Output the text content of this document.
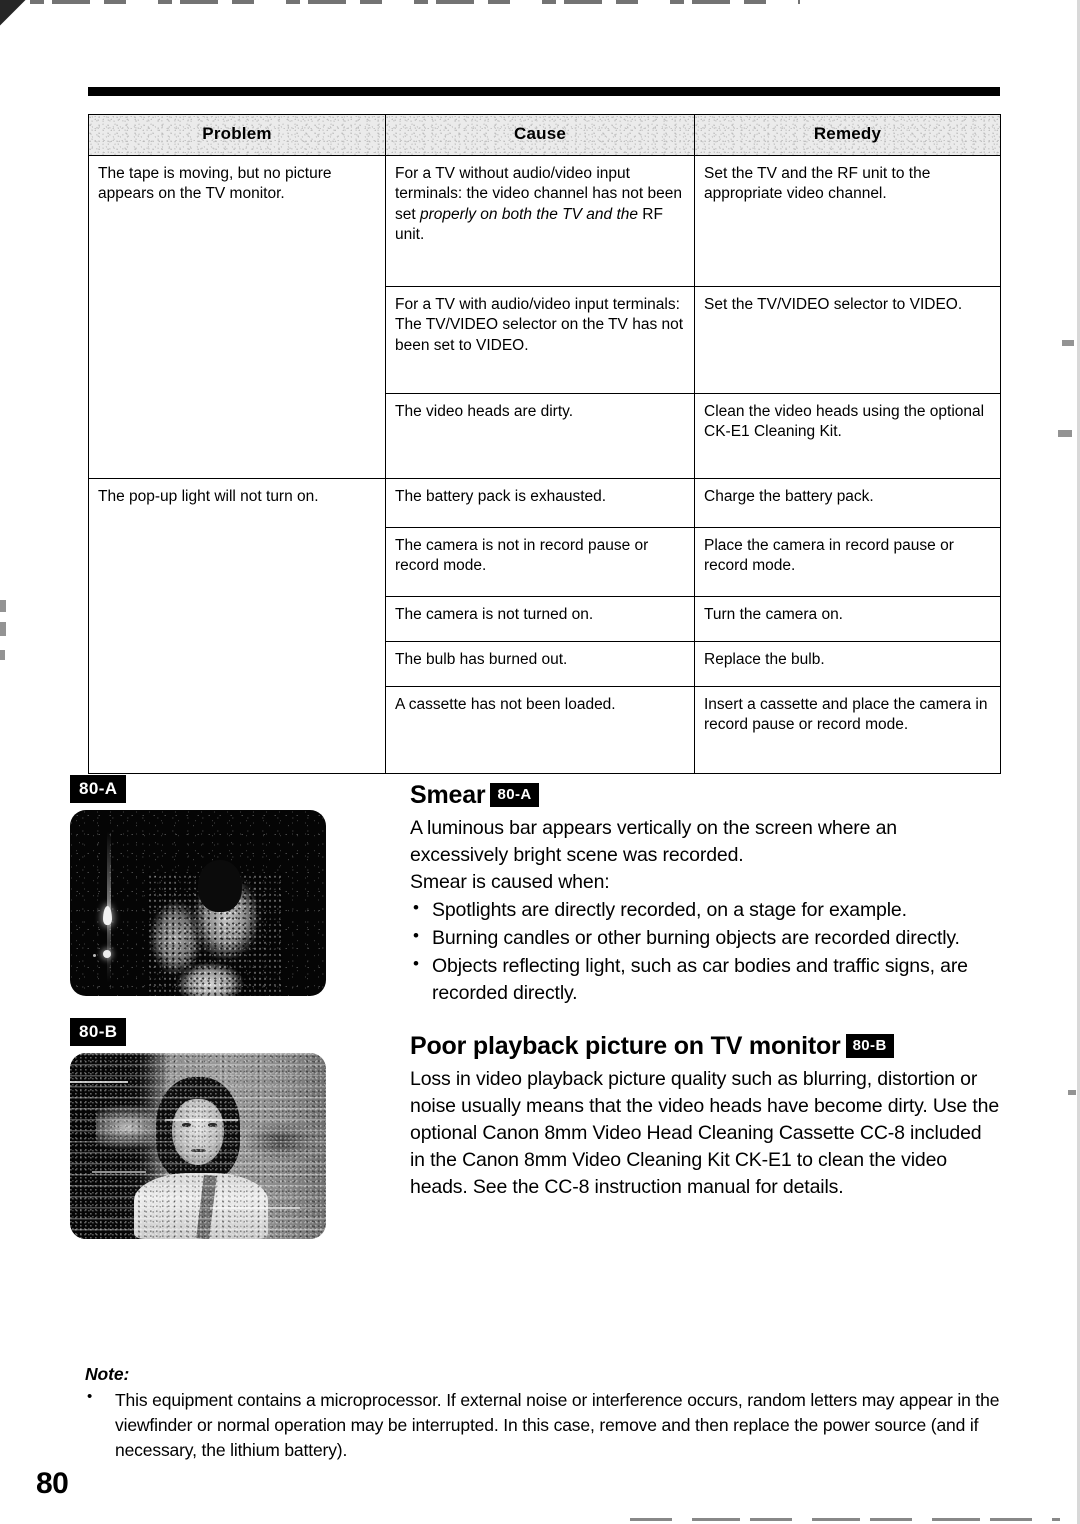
Problem	Cause	Remedy
The tape is moving, but no picture appears on the TV monitor.	For a TV without audio/video input terminals: the video channel has not been set properly on both the TV and the RF unit.	Set the TV and the RF unit to the appropriate video channel.
	For a TV with audio/video input terminals: The TV/VIDEO selector on the TV has not been set to VIDEO.	Set the TV/VIDEO selector to VIDEO.
	The video heads are dirty.	Clean the video heads using the optional CK-E1 Cleaning Kit.
The pop-up light will not turn on.	The battery pack is exhausted.	Charge the battery pack.
	The camera is not in record pause or record mode.	Place the camera in record pause or record mode.
	The camera is not turned on.	Turn the camera on.
	The bulb has burned out.	Replace the bulb.
	A cassette has not been loaded.	Insert a cassette and place the camera in record pause or record mode.
80-A
80-B
Smear 80-A

A luminous bar appears vertically on the screen where an excessively bright scene was recorded.

Smear is caused when:

• Spotlights are directly recorded, on a stage for example.
• Burning candles or other burning objects are recorded directly.
• Objects reflecting light, such as car bodies and traffic signs, are recorded directly.
Poor playback picture on TV monitor 80-B

Loss in video playback picture quality such as blurring, distortion or noise usually means that the video heads have become dirty. Use the optional Canon 8mm Video Head Cleaning Cassette CC-8 included in the Canon 8mm Video Cleaning Kit CK-E1 to clean the video heads. See the CC-8 instruction manual for details.

Note:
• This equipment contains a microprocessor. If external noise or interference occurs, random letters may appear in the viewfinder or normal operation may be interrupted. In this case, remove and then replace the power source (and if necessary, the lithium battery).
80
